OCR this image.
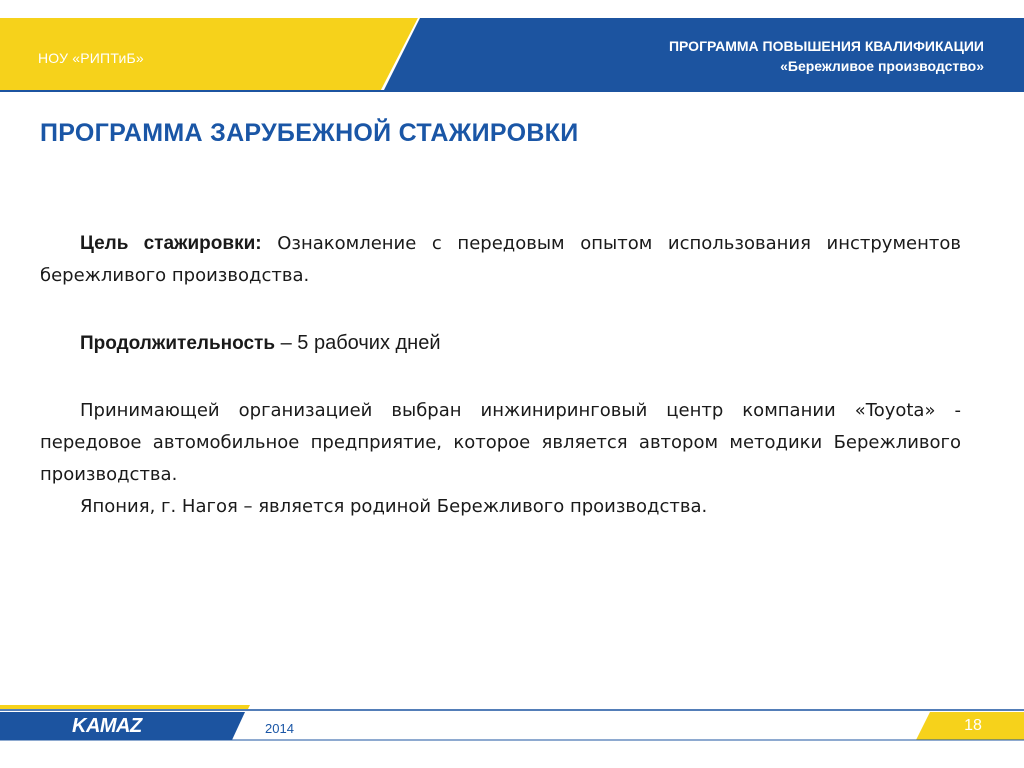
НОУ «РИПТиБ»
ПРОГРАММА ПОВЫШЕНИЯ КВАЛИФИКАЦИИ
«Бережливое производство»
ПРОГРАММА ЗАРУБЕЖНОЙ СТАЖИРОВКИ

Цель стажировки: Ознакомление с передовым опытом использования инструментов бережливого производства.

Продолжительность – 5 рабочих дней

Принимающей организацией выбран инжиниринговый центр компании «Toyota» - передовое автомобильное предприятие, которое является автором методики Бережливого производства.

Япония, г. Нагоя – является родиной Бережливого производства.

KAMAZ	2014	18
